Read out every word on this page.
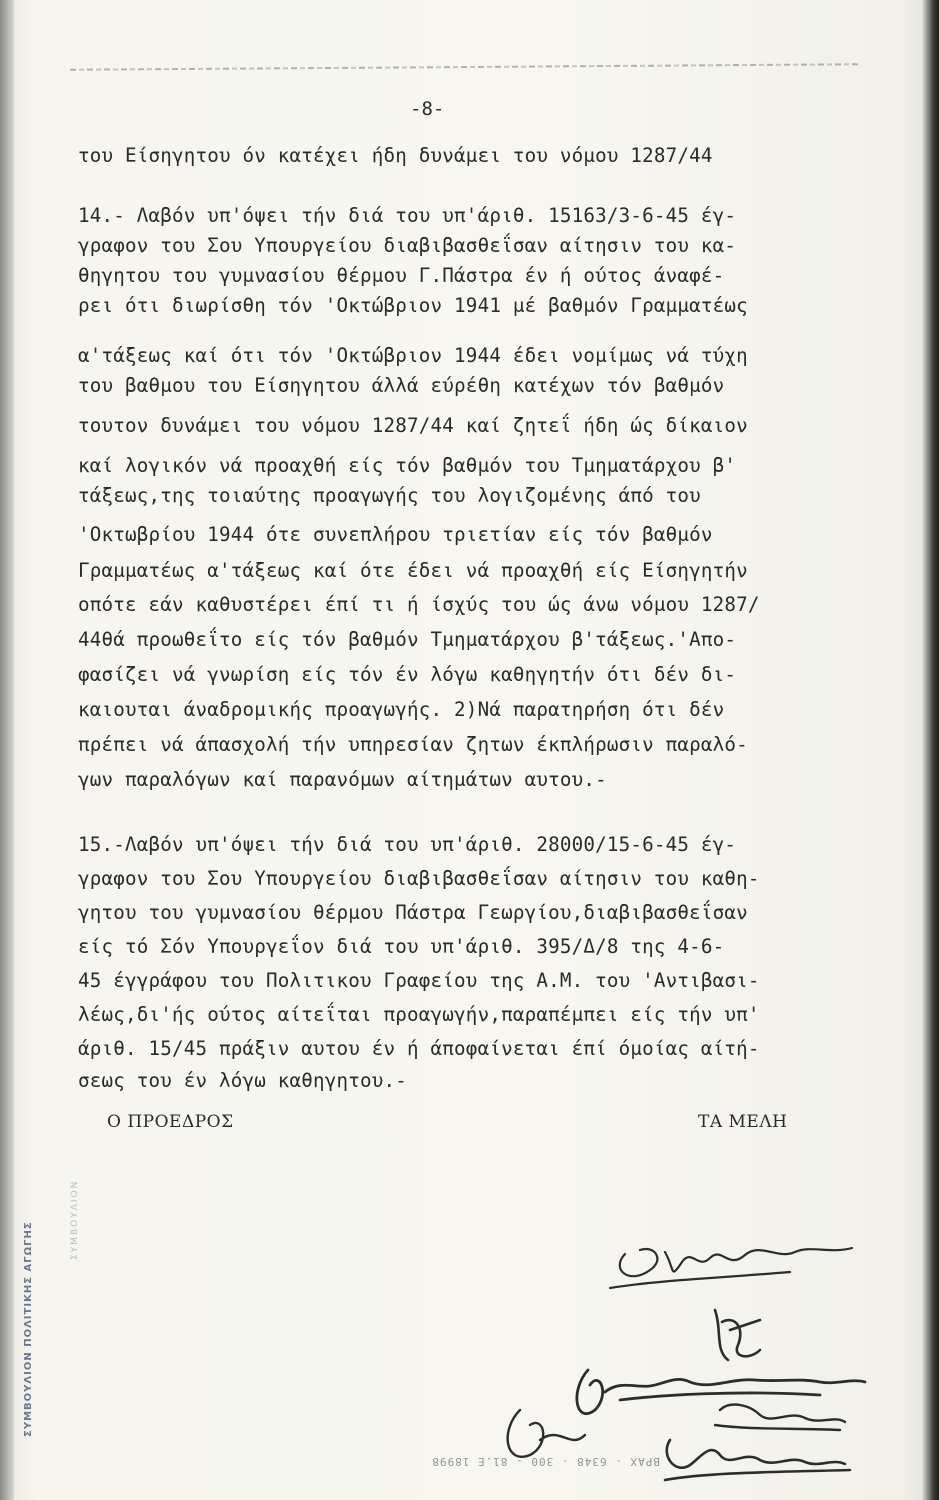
ΣΥΜΒΟΥΛΙΟΝ ΠΟΛΙΤΙΚΗΣ ΑΓΩΓΗΣ
ΣΥΜΒΟΥΛΙΟΝ
-8-
του Είσηγητου όν κατέχει ήδη δυνάμει του νόμου 1287/44
14.- Λαβόν υπ'όψει τήν διά του υπ'άριθ. 15163/3-6-45 έγ-
γραφον του Σου Υπουργείου διαβιβασθεΐσαν αίτησιν του κα-
θηγητου του γυμνασίου θέρμου Γ.Πάστρα έν ή ούτος άναφέ-
ρει ότι διωρίσθη τόν 'Οκτώβριον 1941 μέ βαθμόν Γραμματέως
α'τάξεως καί ότι τόν 'Οκτώβριον 1944 έδει νομίμως νά τύχη
του βαθμου του Είσηγητου άλλά εύρέθη κατέχων τόν βαθμόν
τουτον δυνάμει του νόμου 1287/44 καί ζητεΐ ήδη ώς δίκαιον
καί λογικόν νά προαχθή είς τόν βαθμόν του Τμηματάρχου β'
τάξεως,της τοιαύτης προαγωγής του λογιζομένης άπό του
'Οκτωβρίου 1944 ότε συνεπλήρου τριετίαν είς τόν βαθμόν
Γραμματέως α'τάξεως καί ότε έδει νά προαχθή είς Είσηγητήν
οπότε εάν καθυστέρει έπί τι ή ίσχύς του ώς άνω νόμου 1287/
44θά προωθεΐτο είς τόν βαθμόν Τμηματάρχου β'τάξεως.'Απο-
φασίζει νά γνωρίση είς τόν έν λόγω καθηγητήν ότι δέν δι-
καιουται άναδρομικής προαγωγής. 2)Νά παρατηρήση ότι δέν
πρέπει νά άπασχολή τήν υπηρεσίαν ζητων έκπλήρωσιν παραλό-
γων παραλόγων καί παρανόμων αίτημάτων αυτου.-
15.-Λαβόν υπ'όψει τήν διά του υπ'άριθ. 28000/15-6-45 έγ-
γραφον του Σου Υπουργείου διαβιβασθεΐσαν αίτησιν του καθη-
γητου του γυμνασίου θέρμου Πάστρα Γεωργίου,διαβιβασθεΐσαν
είς τό Σόν Υπουργεΐον διά του υπ'άριθ. 395/Δ/8 της 4-6-
45 έγγράφου του Πολιτικου Γραφείου της Α.Μ. του 'Αντιβασι-
λέως,δι'ής ούτος αίτεΐται προαγωγήν,παραπέμπει είς τήν υπ'
άριθ. 15/45 πράξιν αυτου έν ή άποφαίνεται έπί όμοίας αίτή-
σεως του έν λόγω καθηγητου.-
Ο ΠΡΟΕΔΡΟΣ	ΤΑ ΜΕΛΗ
ΒΡΑΧ - 6348 - 300 - 81.Ε 18998
